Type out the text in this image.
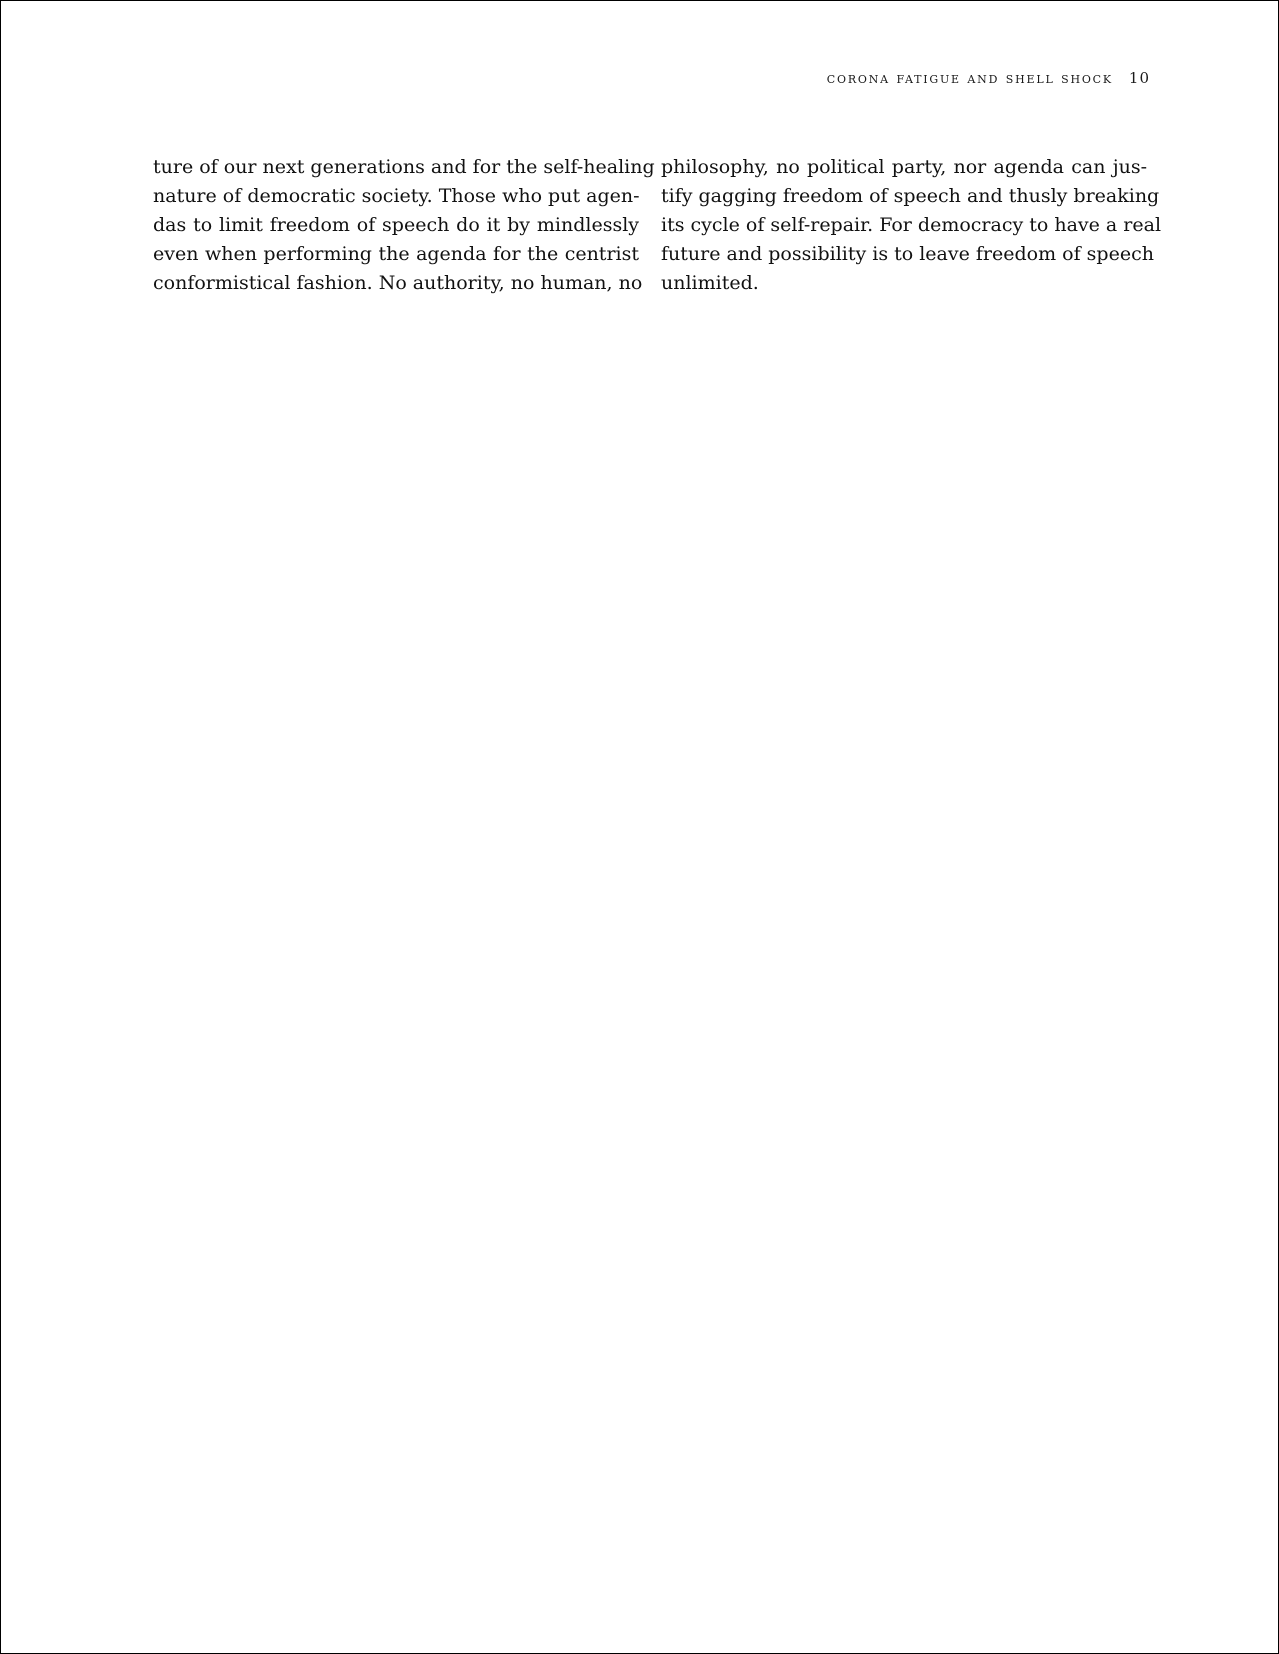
corona fatigue and shell shock 10
ture of our next generations and for the self-healing
nature of democratic society. Those who put agen-
das to limit freedom of speech do it by mindlessly
even when performing the agenda for the centrist
conformistical fashion. No authority, no human, no
philosophy, no political party, nor agenda can jus-
tify gagging freedom of speech and thusly breaking
its cycle of self-repair. For democracy to have a real
future and possibility is to leave freedom of speech
unlimited.
